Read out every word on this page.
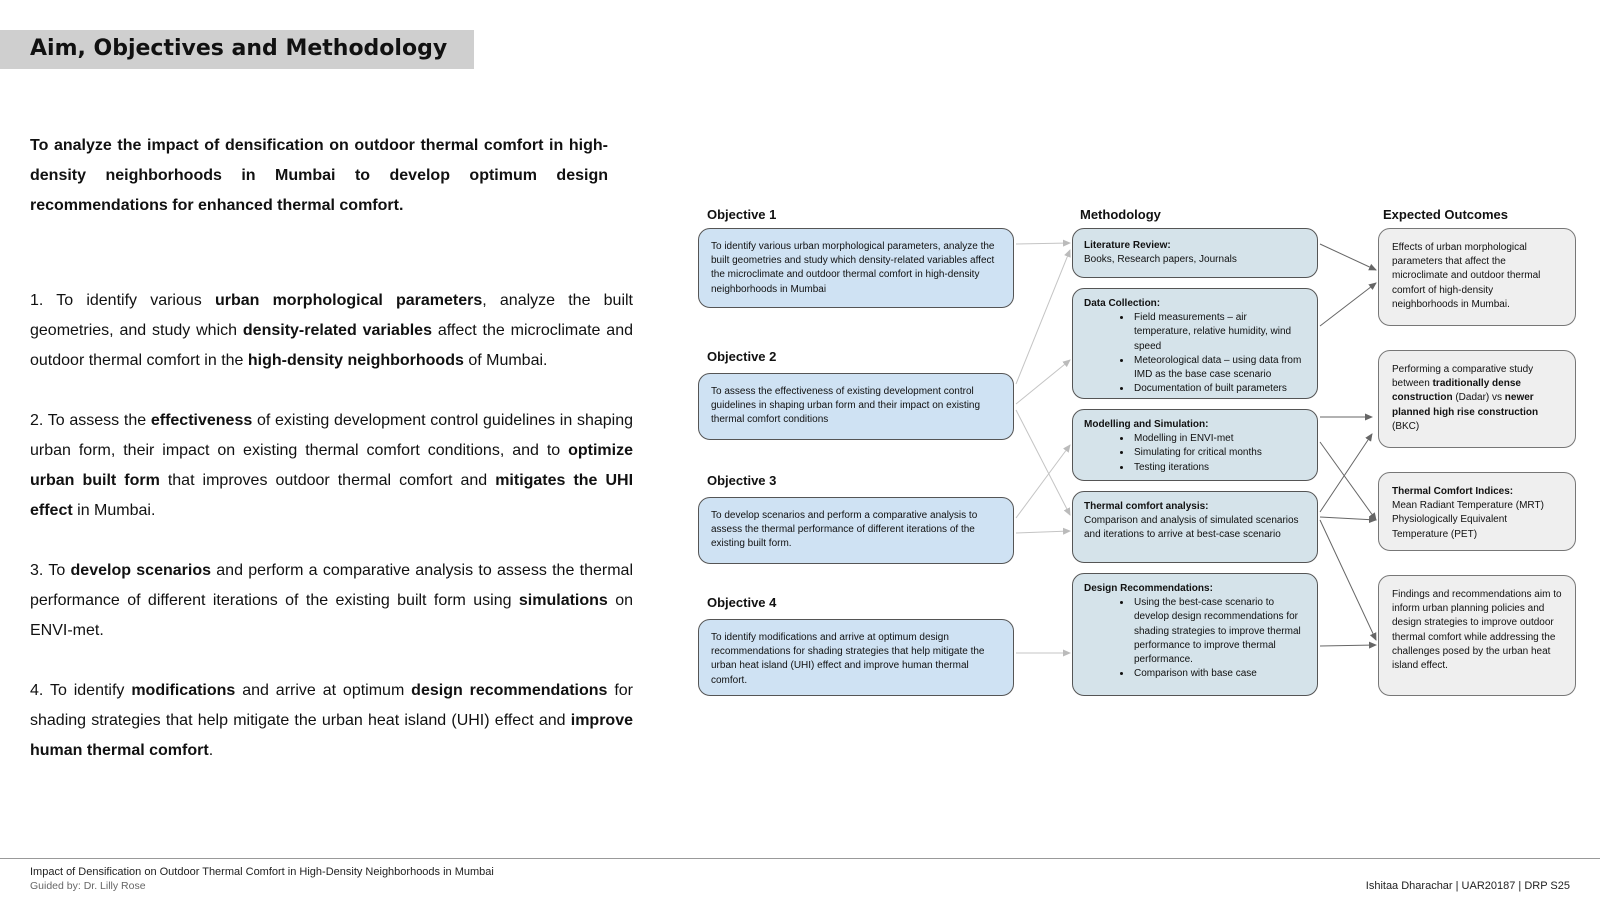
Aim, Objectives and Methodology
To analyze the impact of densification on outdoor thermal comfort in high-density neighborhoods in Mumbai to develop optimum design recommendations for enhanced thermal comfort.

1. To identify various urban morphological parameters, analyze the built geometries, and study which density-related variables affect the microclimate and outdoor thermal comfort in the high-density neighborhoods of Mumbai.

2. To assess the effectiveness of existing development control guidelines in shaping urban form, their impact on existing thermal comfort conditions, and to optimize urban built form that improves outdoor thermal comfort and mitigates the UHI effect in Mumbai.

3. To develop scenarios and perform a comparative analysis to assess the thermal performance of different iterations of the existing built form using simulations on ENVI-met.

4. To identify modifications and arrive at optimum design recommendations for shading strategies that help mitigate the urban heat island (UHI) effect and improve human thermal comfort.

Objective 1	Methodology	Expected Outcomes
Objective 2
Objective 3
Objective 4
To identify various urban morphological parameters, analyze the built geometries and study which density-related variables affect the microclimate and outdoor thermal comfort in high-density neighborhoods in Mumbai
To assess the effectiveness of existing development control guidelines in shaping urban form and their impact on existing thermal comfort conditions
To develop scenarios and perform a comparative analysis to assess the thermal performance of different iterations of the existing built form.
To identify modifications and arrive at optimum design recommendations for shading strategies that help mitigate the urban heat island (UHI) effect and improve human thermal comfort.
Literature Review:
Books, Research papers, Journals
Data Collection:
• Field measurements – air temperature, relative humidity, wind speed
• Meteorological data – using data from IMD as the base case scenario
• Documentation of built parameters
Modelling and Simulation:
• Modelling in ENVI-met
• Simulating for critical months
• Testing iterations
Thermal comfort analysis:
Comparison and analysis of simulated scenarios and iterations to arrive at best-case scenario
Design Recommendations:
• Using the best-case scenario to develop design recommendations for shading strategies to improve thermal performance to improve thermal performance.
• Comparison with base case
Effects of urban morphological parameters that affect the microclimate and outdoor thermal comfort of high-density neighborhoods in Mumbai.
Performing a comparative study between traditionally dense construction (Dadar) vs newer planned high rise construction (BKC)
Thermal Comfort Indices:
Mean Radiant Temperature (MRT) Physiologically Equivalent Temperature (PET)
Findings and recommendations aim to inform urban planning policies and design strategies to improve outdoor thermal comfort while addressing the challenges posed by the urban heat island effect.
Impact of Densification on Outdoor Thermal Comfort in High-Density Neighborhoods in Mumbai
Guided by: Dr. Lilly Rose	Ishitaa Dharachar | UAR20187 | DRP S25
